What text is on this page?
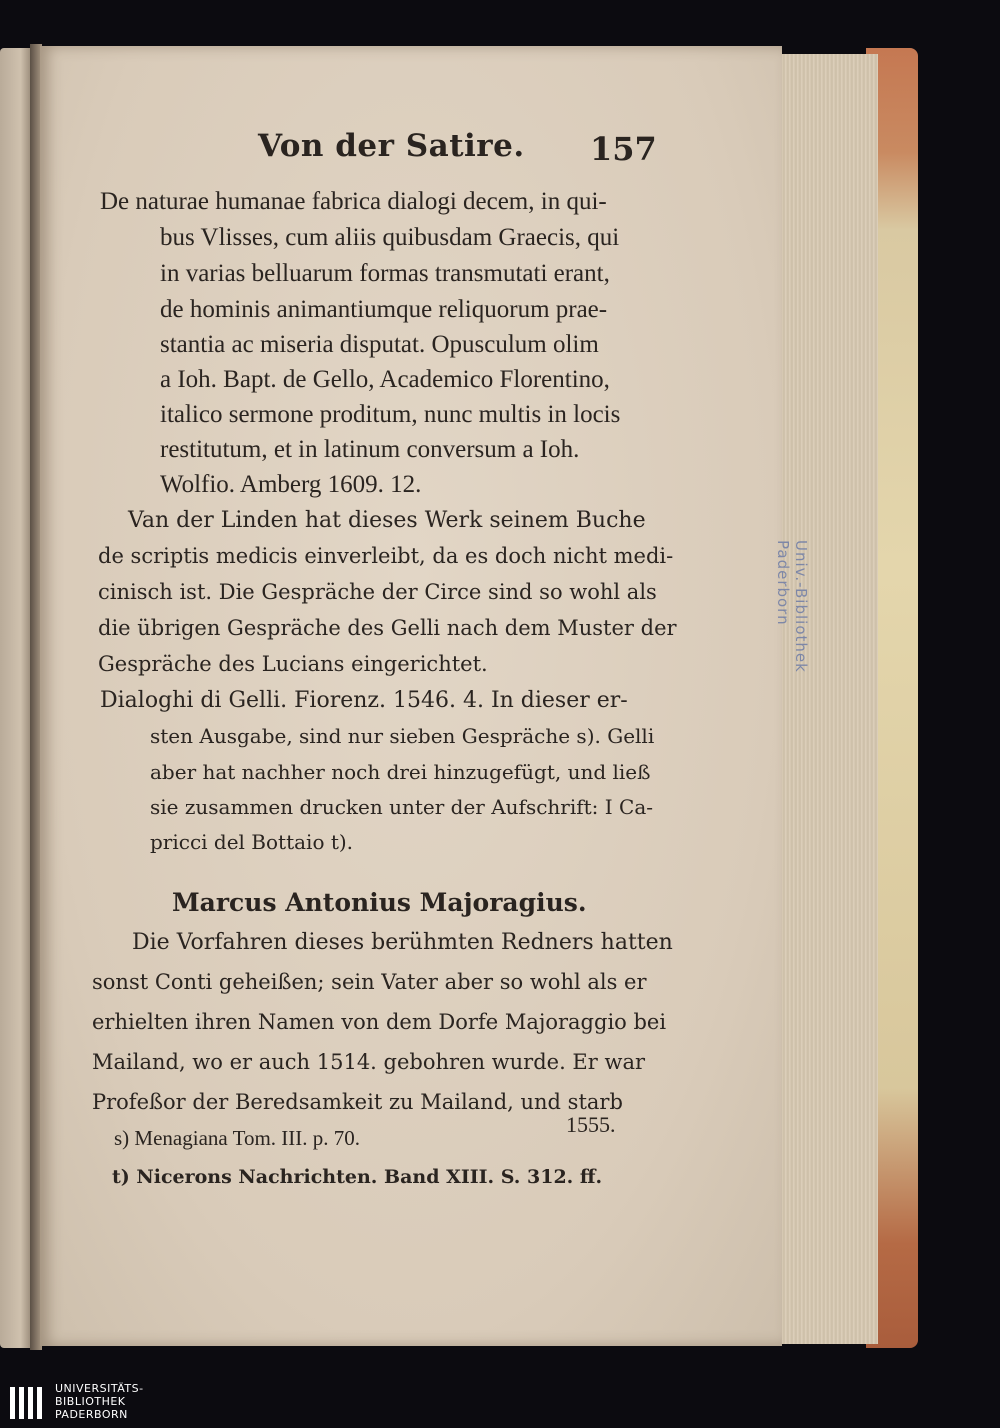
Univ.-Bibliothek
Paderborn
Von der Satire. 157
De naturae humanae fabrica dialogi decem, in qui-
bus Vlisses, cum aliis quibusdam Graecis, qui
in varias belluarum formas transmutati erant,
de hominis animantiumque reliquorum prae-
stantia ac miseria disputat. Opusculum olim
a Ioh. Bapt. de Gello, Academico Florentino,
italico sermone proditum, nunc multis in locis
restitutum, et in latinum conversum a Ioh.
Wolfio. Amberg 1609. 12.
Van der Linden hat dieses Werk seinem Buche
de scriptis medicis einverleibt, da es doch nicht medi-
cinisch ist. Die Gespräche der Circe sind so wohl als
die übrigen Gespräche des Gelli nach dem Muster der
Gespräche des Lucians eingerichtet.
Dialoghi di Gelli. Fiorenz. 1546. 4. In dieser er-
sten Ausgabe, sind nur sieben Gespräche s). Gelli
aber hat nachher noch drei hinzugefügt, und ließ
sie zusammen drucken unter der Aufschrift: I Ca-
pricci del Bottaio t).
Marcus Antonius Majoragius.
Die Vorfahren dieses berühmten Redners hatten
sonst Conti geheißen; sein Vater aber so wohl als er
erhielten ihren Namen von dem Dorfe Majoraggio bei
Mailand, wo er auch 1514. gebohren wurde. Er war
Profeßor der Beredsamkeit zu Mailand, und starb
1555.
s) Menagiana Tom. III. p. 70.
t) Nicerons Nachrichten. Band XIII. S. 312. ff.
UNIVERSITÄTS-
BIBLIOTHEK
PADERBORN
